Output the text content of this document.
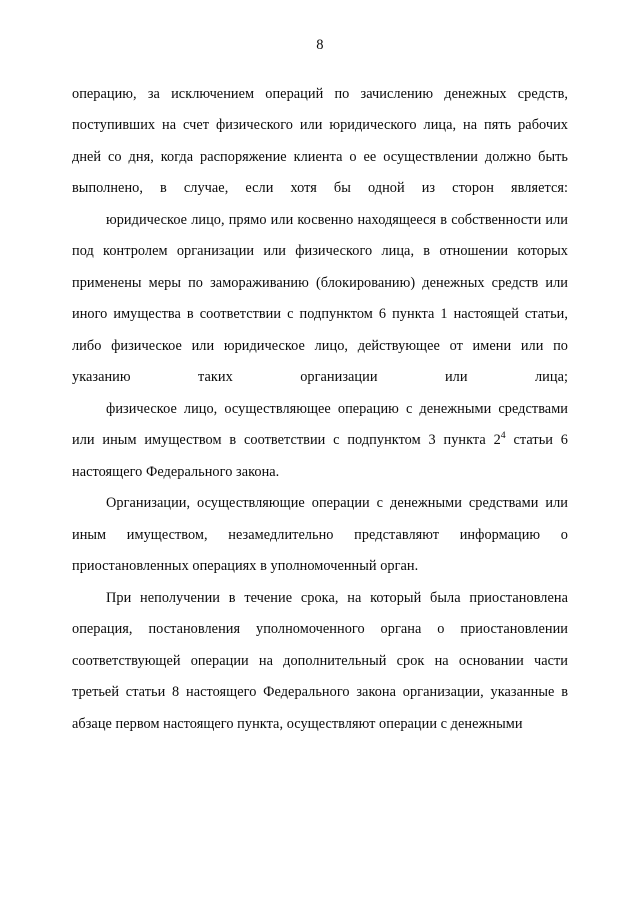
8

операцию, за исключением операций по зачислению денежных средств, поступивших на счет физического или юридического лица, на пять рабочих дней со дня, когда распоряжение клиента о ее осуществлении должно быть выполнено, в случае, если хотя бы одной из сторон является:

юридическое лицо, прямо или косвенно находящееся в собственности или под контролем организации или физического лица, в отношении которых применены меры по замораживанию (блокированию) денежных средств или иного имущества в соответствии с подпунктом 6 пункта 1 настоящей статьи, либо физическое или юридическое лицо, действующее от имени или по указанию таких организации или лица;

физическое лицо, осуществляющее операцию с денежными средствами или иным имуществом в соответствии с подпунктом 3 пункта $2^4$ статьи 6 настоящего Федерального закона.

Организации, осуществляющие операции с денежными средствами или иным имуществом, незамедлительно представляют информацию о приостановленных операциях в уполномоченный орган.

При неполучении в течение срока, на который была приостановлена операция, постановления уполномоченного органа о приостановлении соответствующей операции на дополнительный срок на основании части третьей статьи 8 настоящего Федерального закона организации, указанные в абзаце первом настоящего пункта, осуществляют операции с денежными
